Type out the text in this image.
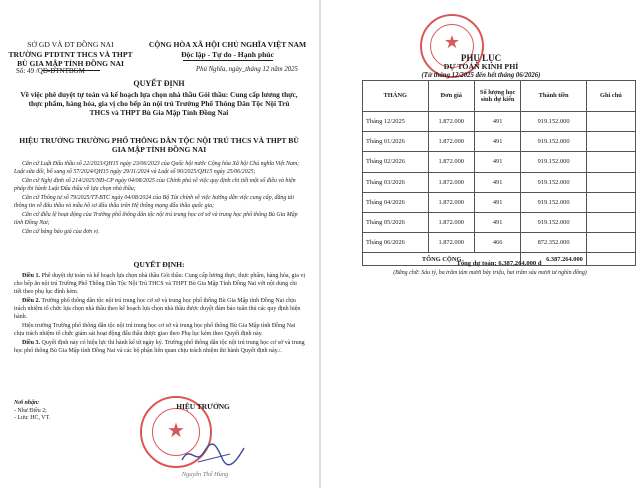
SỞ GD VÀ ĐT ĐỒNG NAI
TRƯỜNG PTDTNT THCS VÀ THPT
BÙ GIA MẬP TỈNH ĐỒNG NAI
CỘNG HÒA XÃ HỘI CHỦ NGHĨA VIỆT NAM
Độc lập - Tự do - Hạnh phúc
Số: 49 /QĐ-DTNTBGM	Phú Nghĩa, ngày ̲ tháng 12 năm 2025
QUYẾT ĐỊNH
Về việc phê duyệt tự toán và kế hoạch lựa chọn nhà thầu Gói thầu: Cung cấp lương thực, thực phẩm, hàng hóa, gia vị cho bếp ăn nội trú Trường Phổ Thông Dân Tộc Nội Trú THCS và THPT Bù Gia Mập Tỉnh Đồng Nai
HIỆU TRƯỞNG TRƯỜNG PHỔ THÔNG DÂN TỘC NỘI TRÚ THCS VÀ THPT BÙ GIA MẬP TỈNH ĐỒNG NAI

Căn cứ Luật Đấu thầu số 22/2023/QH15 ngày 23/06/2023 của Quốc hội nước Cộng hòa Xã hội Chủ nghĩa Việt Nam; Luật sửa đổi, bổ sung số 57/2024/QH15 ngày 29/11/2024 và Luật số 90/2025/QH15 ngày 25/06/2025;

Căn cứ Nghị định số 214/2025/NĐ-CP ngày 04/08/2025 của Chính phủ về việc quy định chi tiết một số điều và biện pháp thi hành Luật Đấu thầu về lựa chọn nhà thầu;

Căn cứ Thông tư số 79/2025/TT-BTC ngày 04/08/2024 của Bộ Tài chính về việc hướng dẫn việc cung cấp, đăng tải thông tin về đấu thầu và mẫu hồ sơ đấu thầu trên Hệ thống mạng đấu thầu quốc gia;

Căn cứ điều lệ hoạt động của Trường phổ thông dân tộc nội trú trung học cơ sở và trung học phổ thông Bù Gia Mập tỉnh Đồng Nai;

Căn cứ bảng báo giá của đơn vị.

QUYẾT ĐỊNH:

Điều 1. Phê duyệt dự toán và kế hoạch lựa chọn nhà thầu Gói thầu: Cung cấp lương thực, thực phẩm, hàng hóa, gia vị cho bếp ăn nội trú Trường Phổ Thông Dân Tộc Nội Trú THCS và THPT Bù Gia Mập Tỉnh Đồng Nai với nội dung chi tiết theo phụ lục đính kèm.

Điều 2. Trường phổ thông dân tộc nội trú trung học cơ sở và trung học phổ thông Bù Gia Mập tỉnh Đồng Nai chịu trách nhiệm tổ chức lựa chọn nhà thầu theo kế hoạch lựa chọn nhà thầu được duyệt đảm bảo tuân thủ các quy định hiện hành.

Hiệu trưởng Trường phổ thông dân tộc nội trú trung học cơ sở và trung học phổ thông Bù Gia Mập tỉnh Đồng Nai chịu trách nhiệm tổ chức giám sát hoạt động đấu thầu được giao theo Phụ lục kèm theo Quyết định này.

Điều 3. Quyết định này có hiệu lực thi hành kể từ ngày ký. Trường phổ thông dân tộc nội trú trung học cơ sở và trung học phổ thông Bù Gia Mập tỉnh Đồng Nai và các bộ phận liên quan chịu trách nhiệm thi hành Quyết định này./.

Nơi nhận:
- Như Điều 2;
- Lưu: HC, VT.
★
HIỆU TRƯỞNG
Nguyễn Thế Hùng
★
PHỤ LỤC
DỰ TOÁN KINH PHÍ
(Từ tháng 12/2025 đến hết tháng 06/2026)
THÁNG	Đơn giá	Số lượng học sinh dự kiến	Thành tiền	Ghi chú
Tháng 12/2025	1.872.000	491	919.152.000	
Tháng 01/2026	1.872.000	491	919.152.000	
Tháng 02/2026	1.872.000	491	919.152.000	
Tháng 03/2026	1.872.000	491	919.152.000	
Tháng 04/2026	1.872.000	491	919.152.000	
Tháng 05/2026	1.872.000	491	919.152.000	
Tháng 06/2026	1.872.000	466	872.352.000	
TỔNG CỘNG			6.387.264.000	
Tổng dự toán: 6.387.264.000 đ
(Bằng chữ: Sáu tỷ, ba trăm tám mươi bảy triệu, hai trăm sáu mươi tư nghìn đồng)
